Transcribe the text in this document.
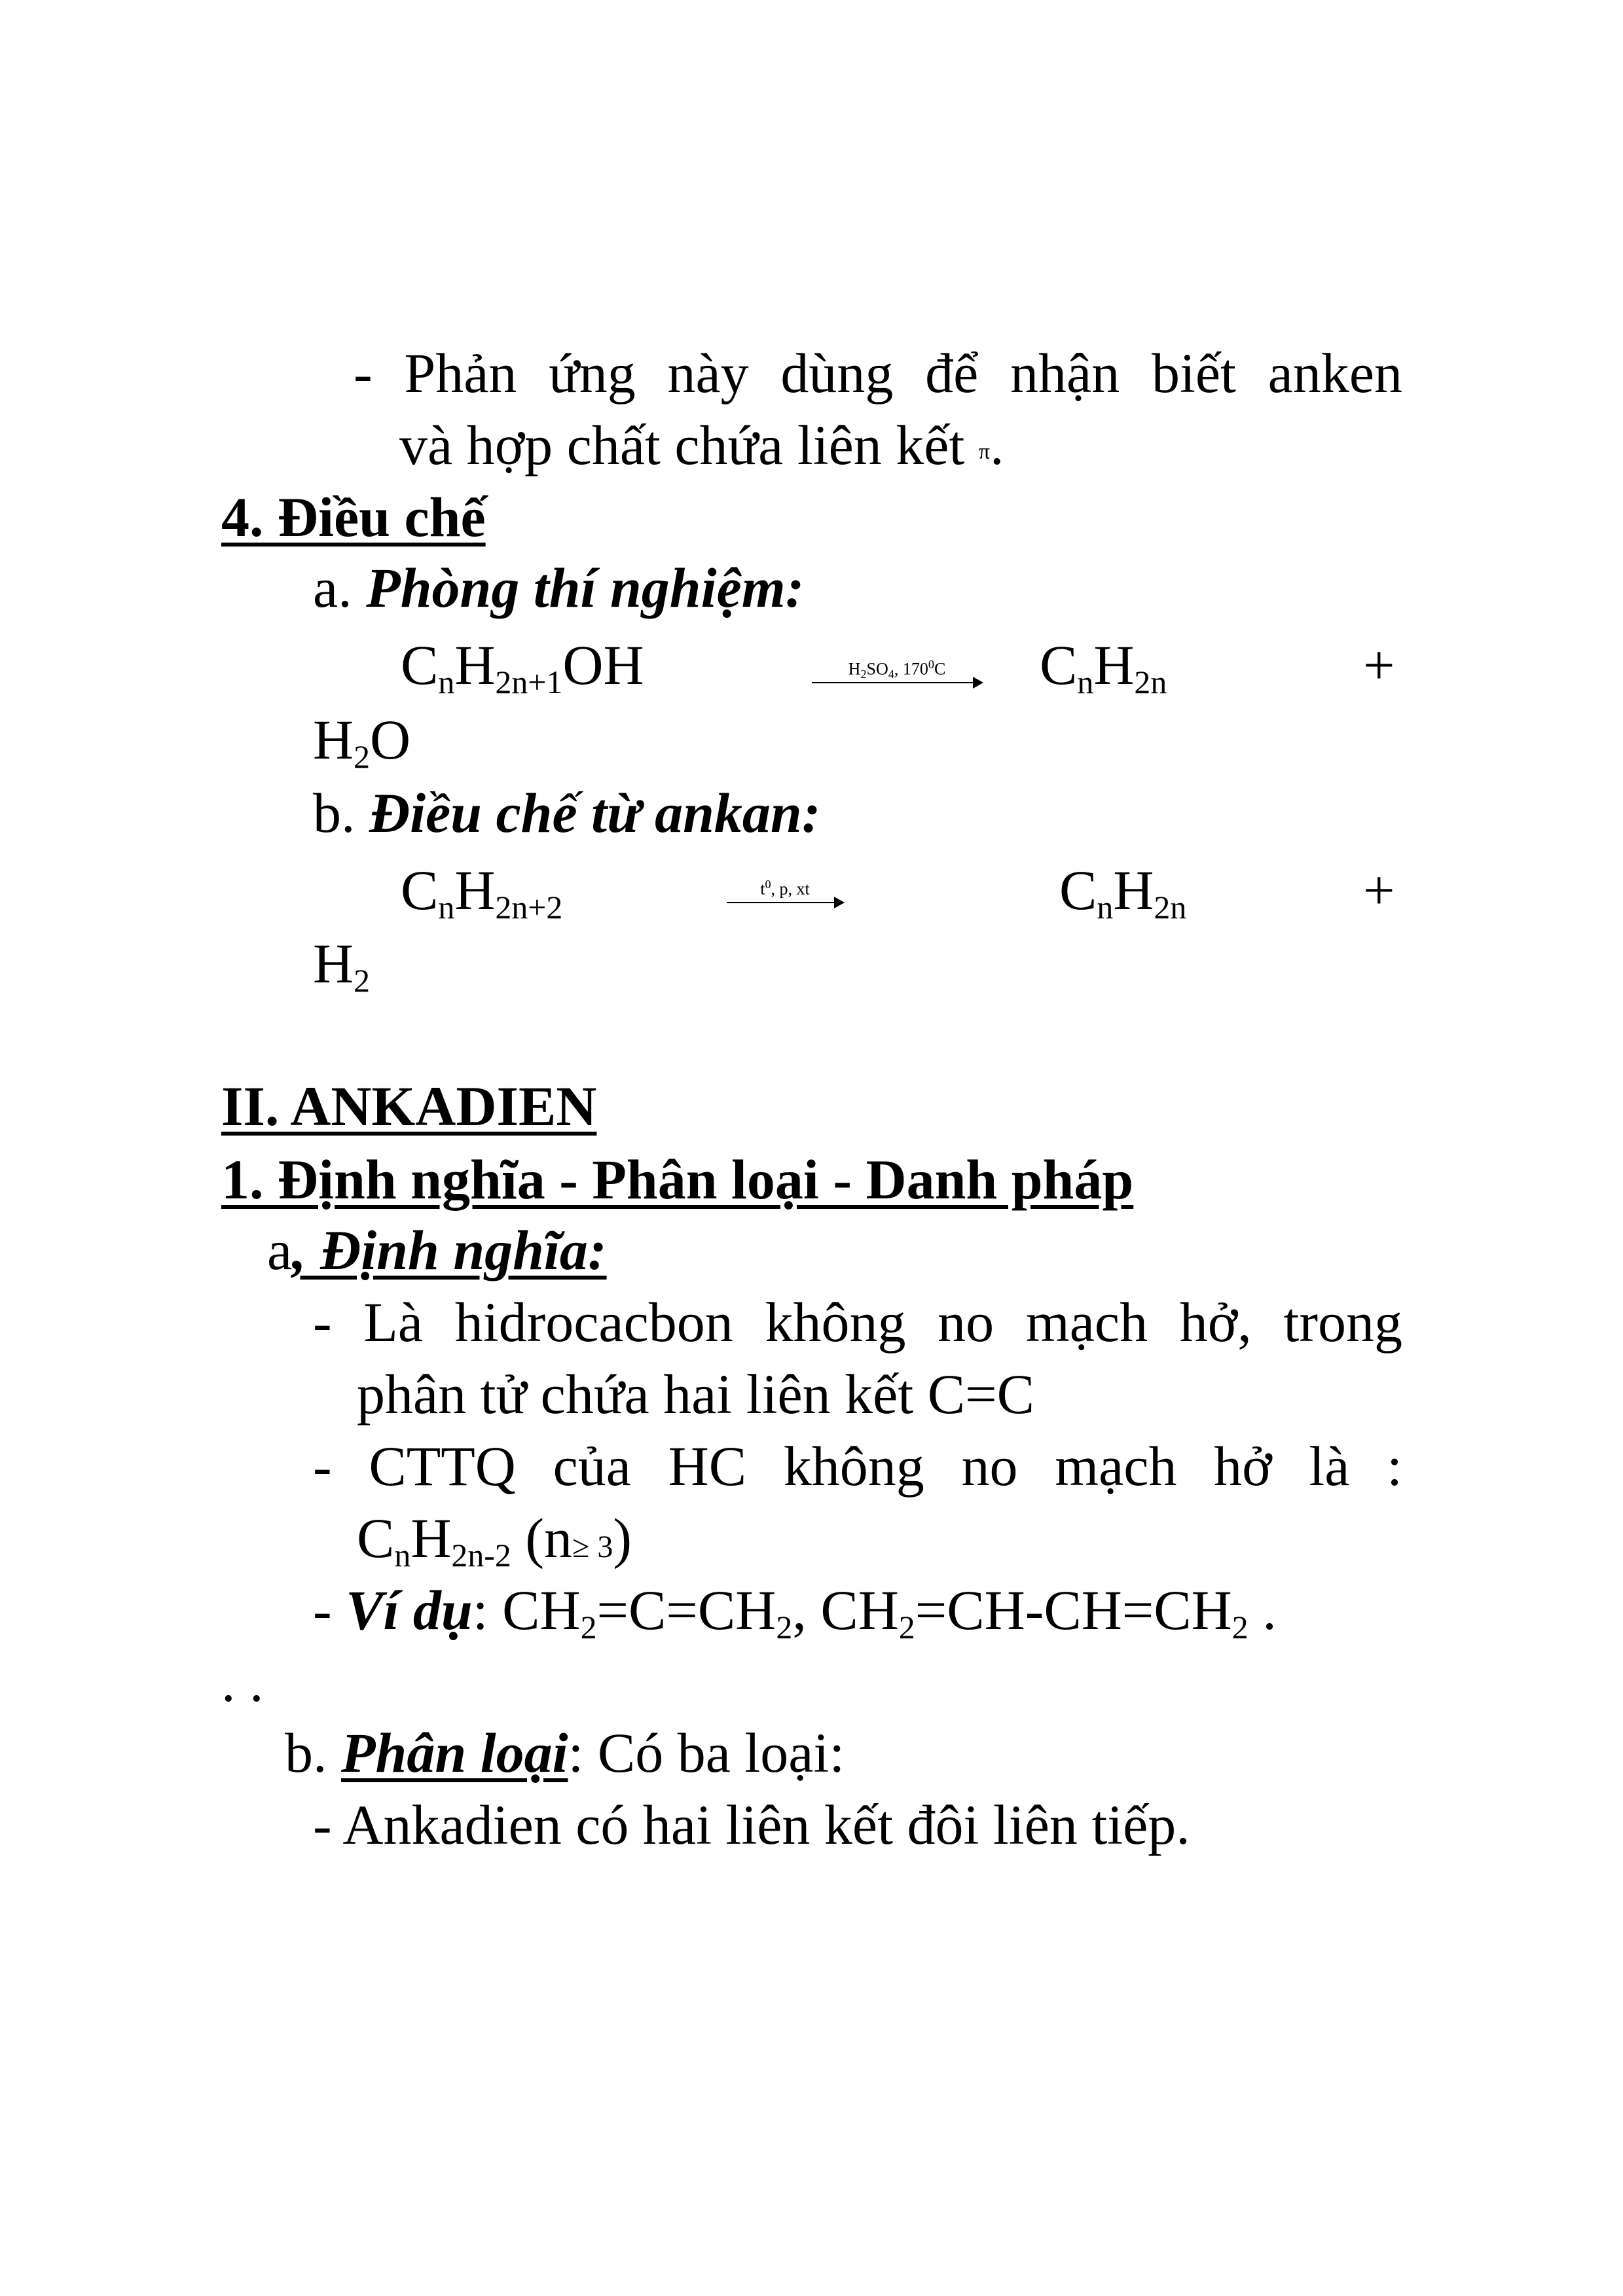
- Phản ứng này dùng để nhận biết anken
và hợp chất chứa liên kết π.
4. Điều chế
a. Phòng thí nghiệm:
$C_nH_{2n+1}OH$	$H_2SO_4$, $170^0C$	$C_nH_{2n}$	+
$H_2O$
b. Điều chế từ ankan:
$C_nH_{2n+2}$
$t^0$, p, xt	$C_nH_{2n}$	+
$H_2$
II. ANKADIEN
1. Định nghĩa - Phân loại - Danh pháp
a, Định nghĩa:
- Là hidrocacbon không no mạch hở, trong
phân tử chứa hai liên kết C=C
- CTTQ của HC không no mạch hở là :
$C_nH_{2n-2}$ (n≥ 3)
- Ví dụ: $CH_2=C=CH_2$, $CH_2=CH-CH=CH_2$ .
. .
b. Phân loại: Có ba loại:
- Ankadien có hai liên kết đôi liên tiếp.
